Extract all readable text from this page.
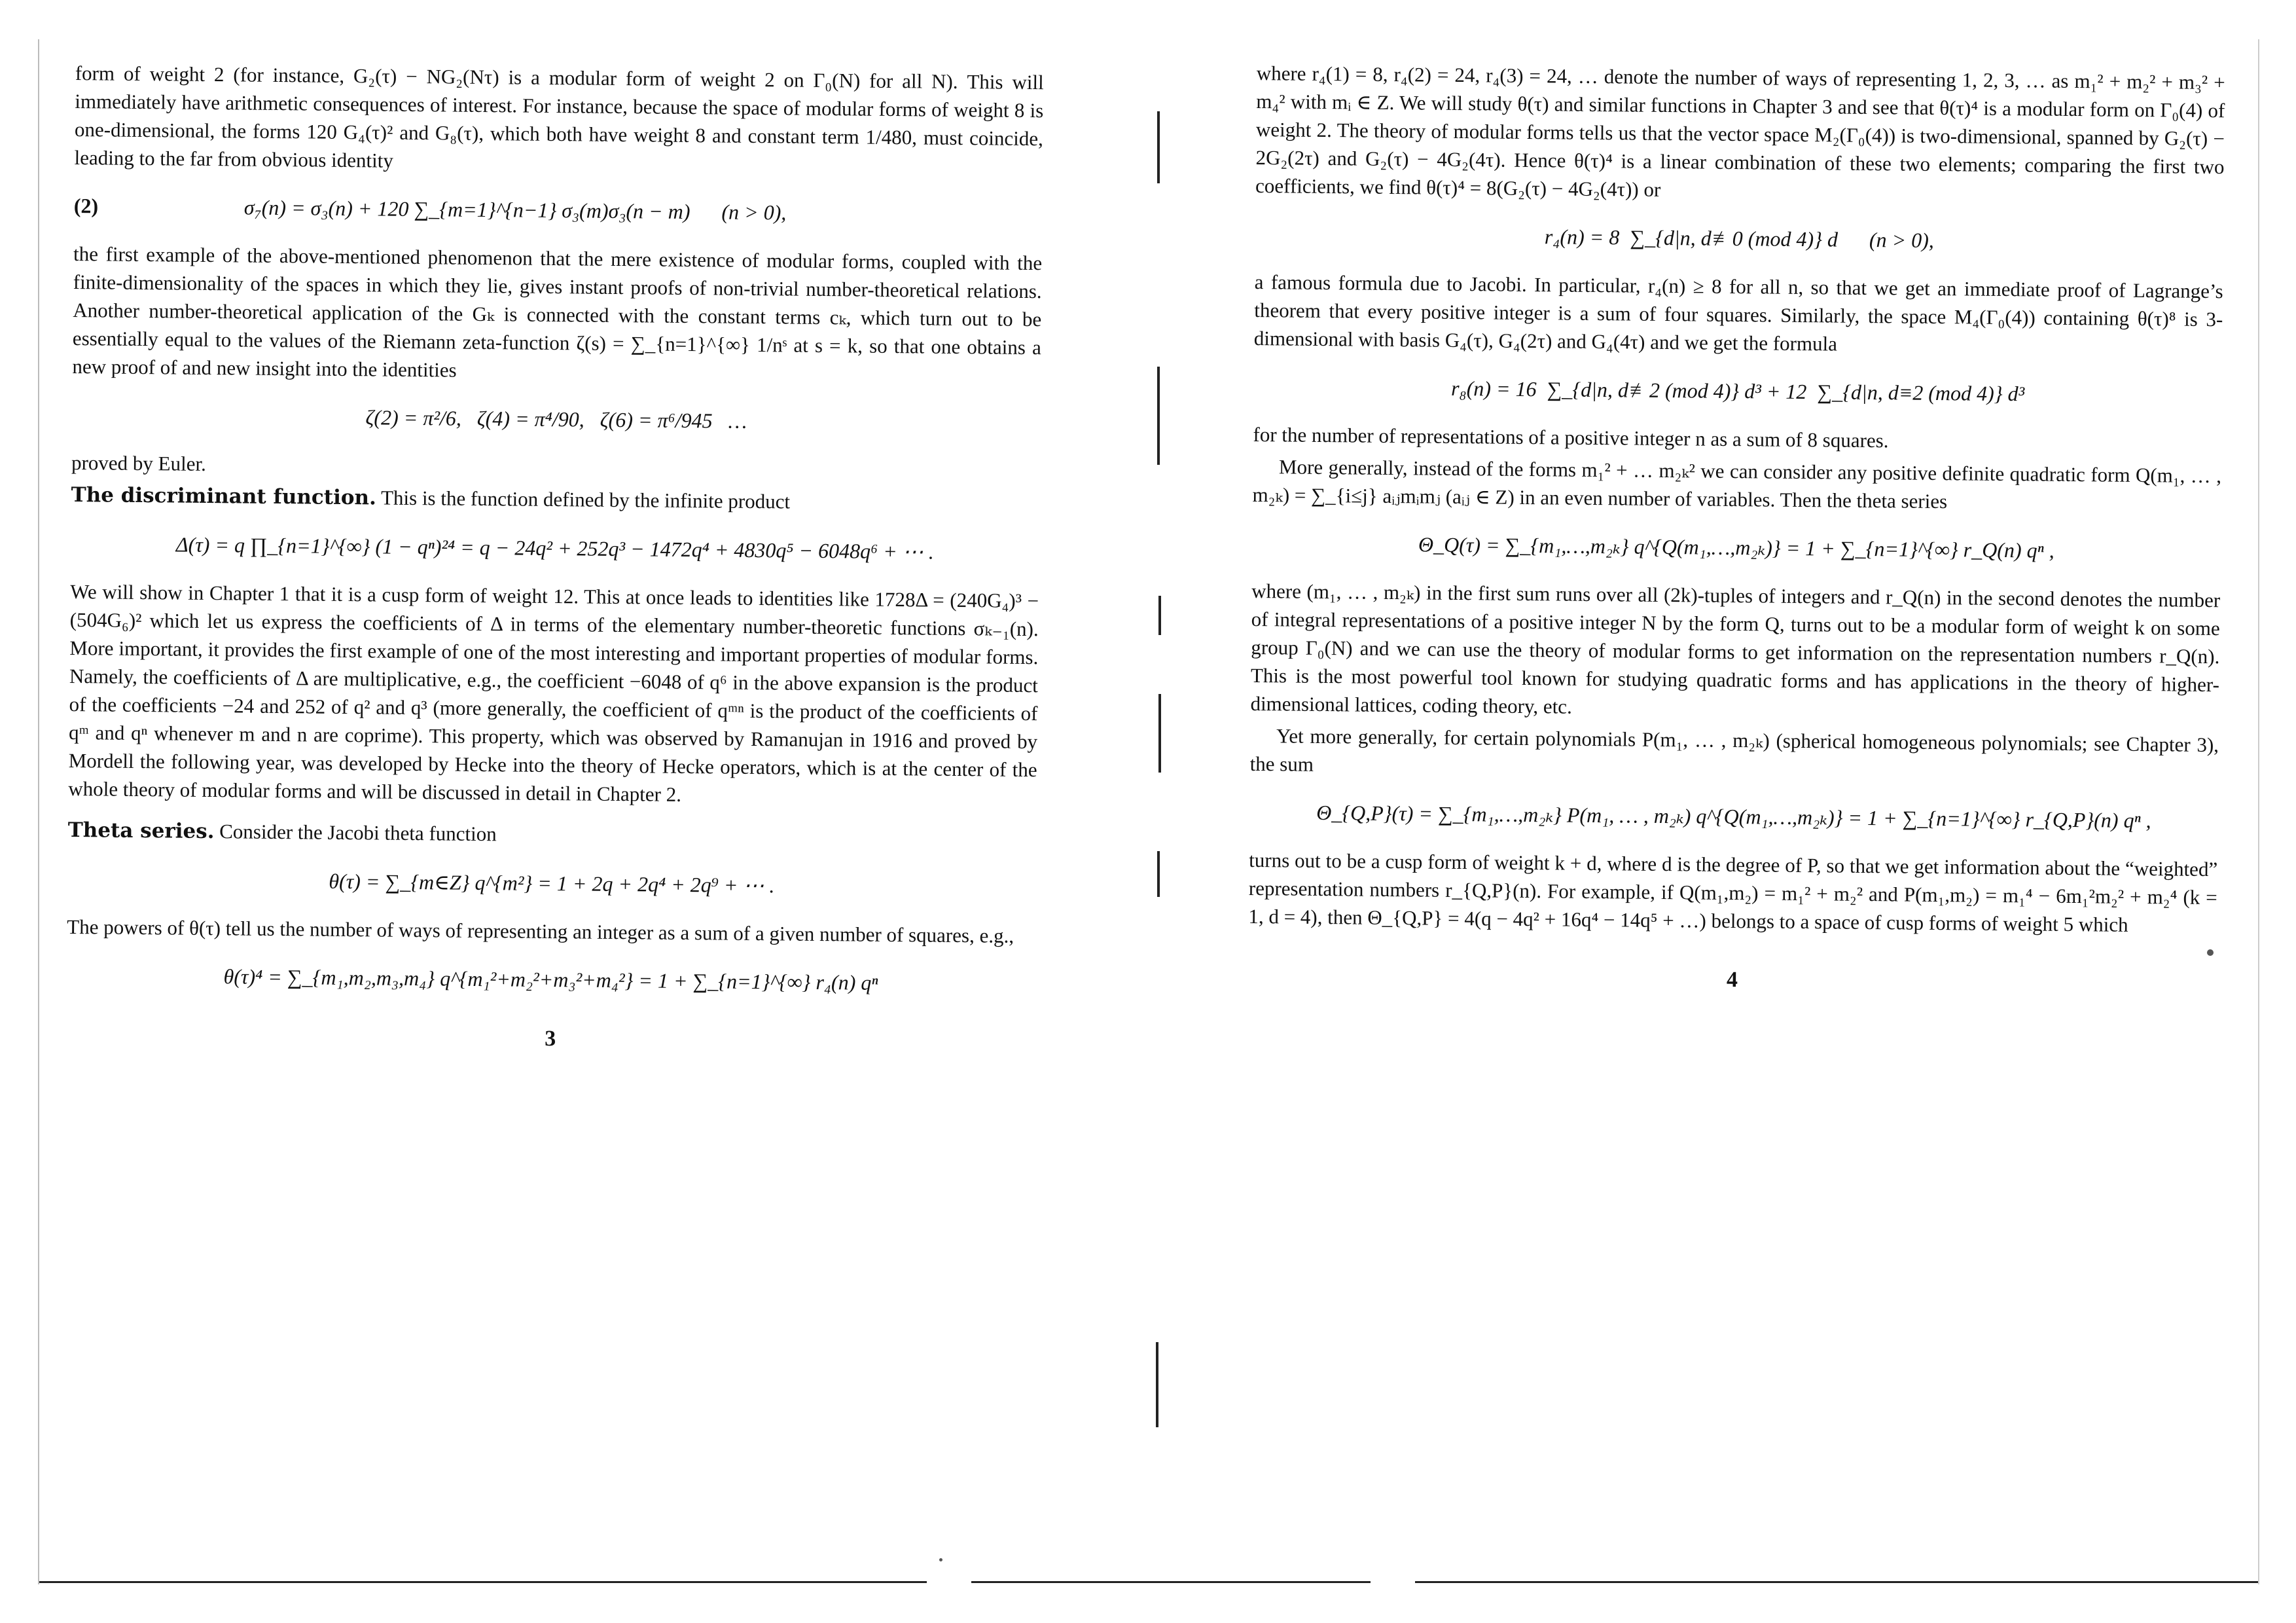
form of weight 2 (for instance, G₂(τ) − NG₂(Nτ) is a modular form of weight 2 on Γ₀(N) for all N). This will immediately have arithmetic consequences of interest. For instance, because the space of modular forms of weight 8 is one-dimensional, the forms 120 G₄(τ)² and G₈(τ), which both have weight 8 and constant term 1/480, must coincide, leading to the far from obvious identity

(2)	σ₇(n) = σ₃(n) + 120 ∑_{m=1}^{n−1} σ₃(m)σ₃(n − m)      (n > 0),

the first example of the above-mentioned phenomenon that the mere existence of modular forms, coupled with the finite-dimensionality of the spaces in which they lie, gives instant proofs of non-trivial number-theoretical relations. Another number-theoretical application of the Gₖ is connected with the constant terms cₖ, which turn out to be essentially equal to the values of the Riemann zeta-function ζ(s) = ∑_{n=1}^{∞} 1/nˢ at s = k, so that one obtains a new proof of and new insight into the identities

ζ(2) = π²/6,   ζ(4) = π⁴/90,   ζ(6) = π⁶/945   …

proved by Euler.

The discriminant function. This is the function defined by the infinite product

Δ(τ) = q ∏_{n=1}^{∞} (1 − qⁿ)²⁴ = q − 24q² + 252q³ − 1472q⁴ + 4830q⁵ − 6048q⁶ + ⋯ .

We will show in Chapter 1 that it is a cusp form of weight 12. This at once leads to identities like 1728Δ = (240G₄)³ − (504G₆)² which let us express the coefficients of Δ in terms of the elementary number-theoretic functions σₖ₋₁(n). More important, it provides the first example of one of the most interesting and important properties of modular forms. Namely, the coefficients of Δ are multiplicative, e.g., the coefficient −6048 of q⁶ in the above expansion is the product of the coefficients −24 and 252 of q² and q³ (more generally, the coefficient of qᵐⁿ is the product of the coefficients of qᵐ and qⁿ whenever m and n are coprime). This property, which was observed by Ramanujan in 1916 and proved by Mordell the following year, was developed by Hecke into the theory of Hecke operators, which is at the center of the whole theory of modular forms and will be discussed in detail in Chapter 2.

Theta series. Consider the Jacobi theta function

θ(τ) = ∑_{m∈Z} q^{m²} = 1 + 2q + 2q⁴ + 2q⁹ + ⋯ .

The powers of θ(τ) tell us the number of ways of representing an integer as a sum of a given number of squares, e.g.,

θ(τ)⁴ = ∑_{m₁,m₂,m₃,m₄} q^{m₁²+m₂²+m₃²+m₄²} = 1 + ∑_{n=1}^{∞} r₄(n) qⁿ
3

where r₄(1) = 8, r₄(2) = 24, r₄(3) = 24, … denote the number of ways of representing 1, 2, 3, … as m₁² + m₂² + m₃² + m₄² with mᵢ ∈ Z. We will study θ(τ) and similar functions in Chapter 3 and see that θ(τ)⁴ is a modular form on Γ₀(4) of weight 2. The theory of modular forms tells us that the vector space M₂(Γ₀(4)) is two-dimensional, spanned by G₂(τ) − 2G₂(2τ) and G₂(τ) − 4G₂(4τ). Hence θ(τ)⁴ is a linear combination of these two elements; comparing the first two coefficients, we find θ(τ)⁴ = 8(G₂(τ) − 4G₂(4τ)) or

r₄(n) = 8  ∑_{d|n, d≢0 (mod 4)} d      (n > 0),

a famous formula due to Jacobi. In particular, r₄(n) ≥ 8 for all n, so that we get an immediate proof of Lagrange’s theorem that every positive integer is a sum of four squares. Similarly, the space M₄(Γ₀(4)) containing θ(τ)⁸ is 3-dimensional with basis G₄(τ), G₄(2τ) and G₄(4τ) and we get the formula

r₈(n) = 16  ∑_{d|n, d≢2 (mod 4)} d³ + 12  ∑_{d|n, d≡2 (mod 4)} d³

for the number of representations of a positive integer n as a sum of 8 squares.

More generally, instead of the forms m₁² + … m₂ₖ² we can consider any positive definite quadratic form Q(m₁, … , m₂ₖ) = ∑_{i≤j} aᵢⱼmᵢmⱼ (aᵢⱼ ∈ Z) in an even number of variables. Then the theta series

Θ_Q(τ) = ∑_{m₁,…,m₂ₖ} q^{Q(m₁,…,m₂ₖ)} = 1 + ∑_{n=1}^{∞} r_Q(n) qⁿ ,

where (m₁, … , m₂ₖ) in the first sum runs over all (2k)-tuples of integers and r_Q(n) in the second denotes the number of integral representations of a positive integer N by the form Q, turns out to be a modular form of weight k on some group Γ₀(N) and we can use the theory of modular forms to get information on the representation numbers r_Q(n). This is the most powerful tool known for studying quadratic forms and has applications in the theory of higher-dimensional lattices, coding theory, etc.

Yet more generally, for certain polynomials P(m₁, … , m₂ₖ) (spherical homogeneous polynomials; see Chapter 3), the sum

Θ_{Q,P}(τ) = ∑_{m₁,…,m₂ₖ} P(m₁, … , m₂ₖ) q^{Q(m₁,…,m₂ₖ)} = 1 + ∑_{n=1}^{∞} r_{Q,P}(n) qⁿ ,

turns out to be a cusp form of weight k + d, where d is the degree of P, so that we get information about the “weighted” representation numbers r_{Q,P}(n). For example, if Q(m₁,m₂) = m₁² + m₂² and P(m₁,m₂) = m₁⁴ − 6m₁²m₂² + m₂⁴ (k = 1, d = 4), then Θ_{Q,P} = 4(q − 4q² + 16q⁴ − 14q⁵ + …) belongs to a space of cusp forms of weight 5 which

4
